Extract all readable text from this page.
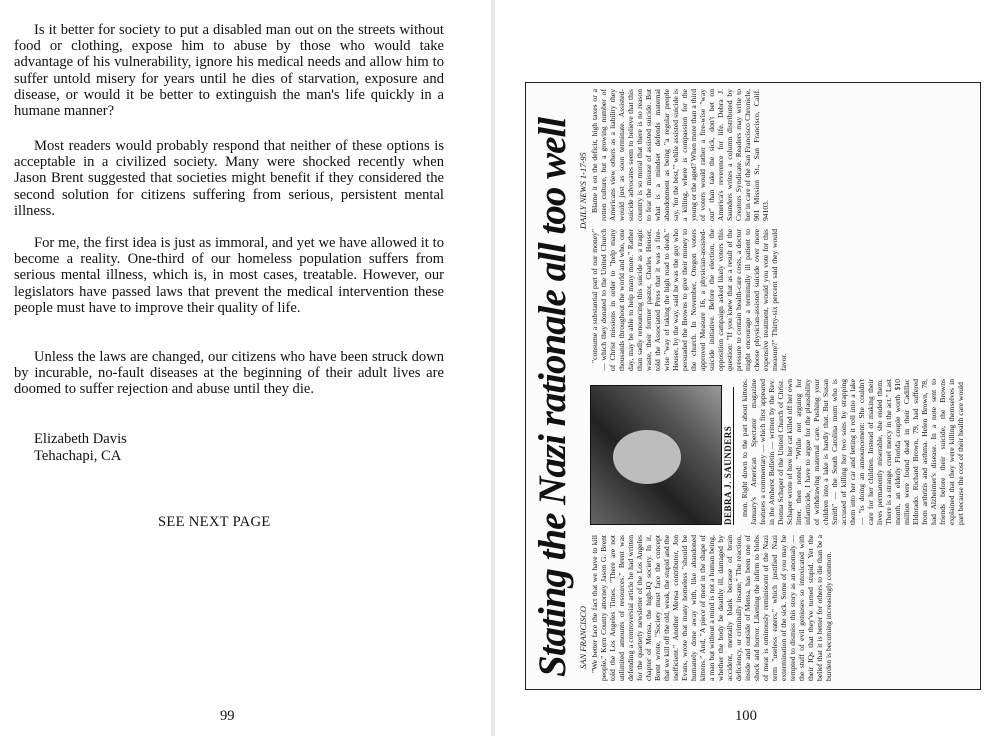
Is it better for society to put a disabled man out on the streets without food or clothing, expose him to abuse by those who would take advantage of his vulnerability, ignore his medical needs and allow him to suffer untold misery for years until he dies of starvation, exposure and disease, or would it be better to extinguish the man's life quickly in a humane manner?

Most readers would probably respond that neither of these options is acceptable in a civilized society. Many were shocked recently when Jason Brent suggested that societies might benefit if they considered the second solution for citizens suffering from serious, persistent mental illness.

For me, the first idea is just as immoral, and yet we have allowed it to become a reality. One-third of our homeless population suffers from serious mental illness, which is, in most cases, treatable. However, our legislators have passed laws that prevent the medical intervention these people must have to improve their quality of life.

Unless the laws are changed, our citizens who have been struck down by incurable, no-fault diseases at the beginning of their adult lives are doomed to suffer rejection and abuse until they die.

Elizabeth Davis
Tehachapi, CA
SEE NEXT PAGE
99
Stating the Nazi rationale all too well SAN FRANCISCO
DAILY NEWS 1-17-95

"We better face the fact that we have to kill people," Kern County attorney Jason G. Brent told the Los Angeles Times. "There are not unlimited amounts of resources." Brent was defending a controversial article he had written for the quarterly newsletter of the Los Angeles chapter of Mensa, the high-IQ society. In it, Brent wrote, "Society must face the concept that we kill off the old, weak, the stupid and the inefficient." Another Mensa contributor, Jon Evans, wrote that many homeless "should be humanely done away with, like abandoned kittens." And, "A piece of meat in the shape of a man but without a mind is not a human being, whether the body be deathly ill, damaged by accident, mentally blank because of brain deficiency, or criminally insane." The reaction, inside and outside of Mensa, has been one of shock and horror. Likening the infirm to blobs of meat is ominously reminiscent of the Nazi term "useless eaters," which justified Nazi extermination of the sick. Some of you may be tempted to dismiss this story as an anomaly — the stuff of evil geniuses so intoxicated with their IQs that they've turned stupid. Yet the belief that it is better for others to die than be a burden is becoming increasingly common.

DEBRA J. SAUNDERS mon. Right down to the part about kittens. January's American Spectator magazine features a commentary — which first appeared in the Amherst Bulletin — written by the Rev. Donna Schaper of the United Church of Christ. Schaper wrote of how her cat killed off her own litter, then noted: "While not arguing for infanticide, I have to argue for the plausibility of withdrawing maternal care. Pushing your children into a lake is hardly that. But Susan Smith" — the South Carolina mom who is accused of killing her two sons by strapping them into her car and letting it roll into a lake — "is doing an announcement: She couldn't care for her children. Instead of making their lives permanently miserable, she ended them. There is a strange, cruel mercy in the act." Last month, an elderly Florida couple worth $10 million were found dead in their Cadillac Eldorado. Richard Brown, 79, had suffered from arthritis and asthma. Helen Brown, 78, had Alzheimer's disease. In a note sent to friends before their suicide, the Browns explained that they were killing themselves in part because the cost of their health care would

"consume a substantial part of our money" — which they donated to the United Church of Christ missions in order to "help many thousands throughout the world and who, one day, may be able to help many more." Rather than sadly renouncing this suicide as a tragic waste, their former pastor, Charles Heuser, told the Associated Press that it was a fire-wise "way of taking the high road to death." Heuser, by the way, said he was the guy who persuaded the Browns to give their money to the church. In November, Oregon voters approved Measure 16, a physician-assisted-suicide initiative. Before the election, the opposition campaign asked likely voters this question: "If you knew that as a result of the pressure to contain health-care costs, a doctor might encourage a terminally ill patient to choose physician-assisted suicide over more expensive treatment, would you vote for this measure?" Thirty-six percent said they would favor.

Blame it on the deficit, high taxes or a rotten culture, but a growing number of Americans view others as a liability they would just as soon terminate. Assisted-suicide advocates seem to believe that this country is so moral that there is no reason to fear the misuse of assisted suicide. But what is a mindset defends maternal abandonment as being "a regular people say, 'for the best,'" while assisted suicide is a killing, where is compassion for the young or the aged? When more than a third of voters would rather a fire-wise "way out" than take the sick, don't bet on America's reverence for life. Debra J. Saunders writes a column distributed by Creators Syndicate. Readers may write to her in care of the San Francisco Chronicle, 901 Mission St., San Francisco, Calif. 94103.

100
